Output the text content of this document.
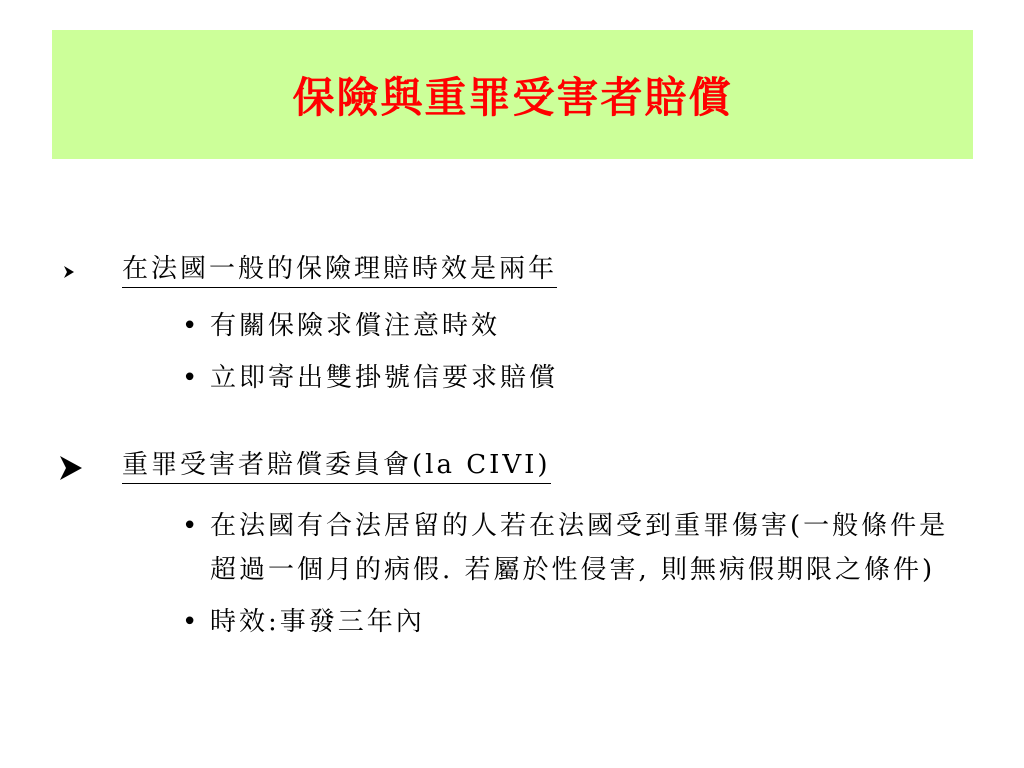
保險與重罪受害者賠償
在法國一般的保險理賠時效是兩年
• 有關保險求償注意時效
• 立即寄出雙掛號信要求賠償
重罪受害者賠償委員會(la CIVI)
• 在法國有合法居留的人若在法國受到重罪傷害(一般條件是超過一個月的病假. 若屬於性侵害, 則無病假期限之條件)
• 時效:事發三年內
